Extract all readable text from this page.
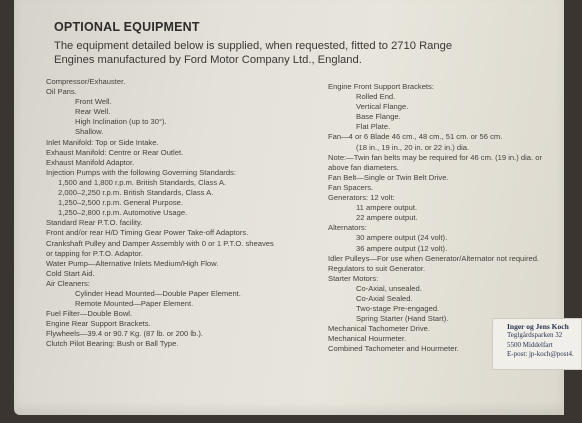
OPTIONAL EQUIPMENT
The equipment detailed below is supplied, when requested, fitted to 2710 Range Engines manufactured by Ford Motor Company Ltd., England.
Compressor/Exhauster.
Oil Pans.
Front Well.
Rear Well.
High Inclination (up to 30°).
Shallow.
Inlet Manifold: Top or Side Intake.
Exhaust Manifold: Centre or Rear Outlet.
Exhaust Manifold Adaptor.
Injection Pumps with the following Governing Standards:
1,500 and 1,800 r.p.m. British Standards, Class A.
2,000–2,250 r.p.m. British Standards, Class A.
1,250–2,500 r.p.m. General Purpose.
1,250–2,800 r.p.m. Automotive Usage.
Standard Rear P.T.O. facility.
Front and/or rear H/D Timing Gear Power Take-off Adaptors.
Crankshaft Pulley and Damper Assembly with 0 or 1 P.T.O. sheaves
or tapping for P.T.O. Adaptor.
Water Pump—Alternative Inlets Medium/High Flow.
Cold Start Aid.
Air Cleaners:
Cylinder Head Mounted—Double Paper Element.
Remote Mounted—Paper Element.
Fuel Filter—Double Bowl.
Engine Rear Support Brackets.
Flywheels—39.4 or 90.7 Kg. (87 lb. or 200 lb.).
Clutch Pilot Bearing: Bush or Ball Type.
Engine Front Support Brackets:
Rolled End.
Vertical Flange.
Base Flange.
Flat Plate.
Fan—4 or 6 Blade 46 cm., 48 cm., 51 cm. or 56 cm.
(18 in., 19 in., 20 in. or 22 in.) dia.
Note:—Twin fan belts may be required for 46 cm. (19 in.) dia. or
above fan diameters.
Fan Belt—Single or Twin Belt Drive.
Fan Spacers.
Generators: 12 volt:
11 ampere output.
22 ampere output.
Alternators:
30 ampere output (24 volt).
36 ampere output (12 volt).
Idler Pulleys—For use when Generator/Alternator not required.
Regulators to suit Generator.
Starter Motors:
Co-Axial, unsealed.
Co-Axial Sealed.
Two-stage Pre-engaged.
Spring Starter (Hand Start).
Mechanical Tachometer Drive.
Mechanical Hourmeter.
Combined Tachometer and Hourmeter.
Inger og Jens Koch
Teglgårdsparken 32
5500 Middelfart
E-post: jp-koch@post4.
4
